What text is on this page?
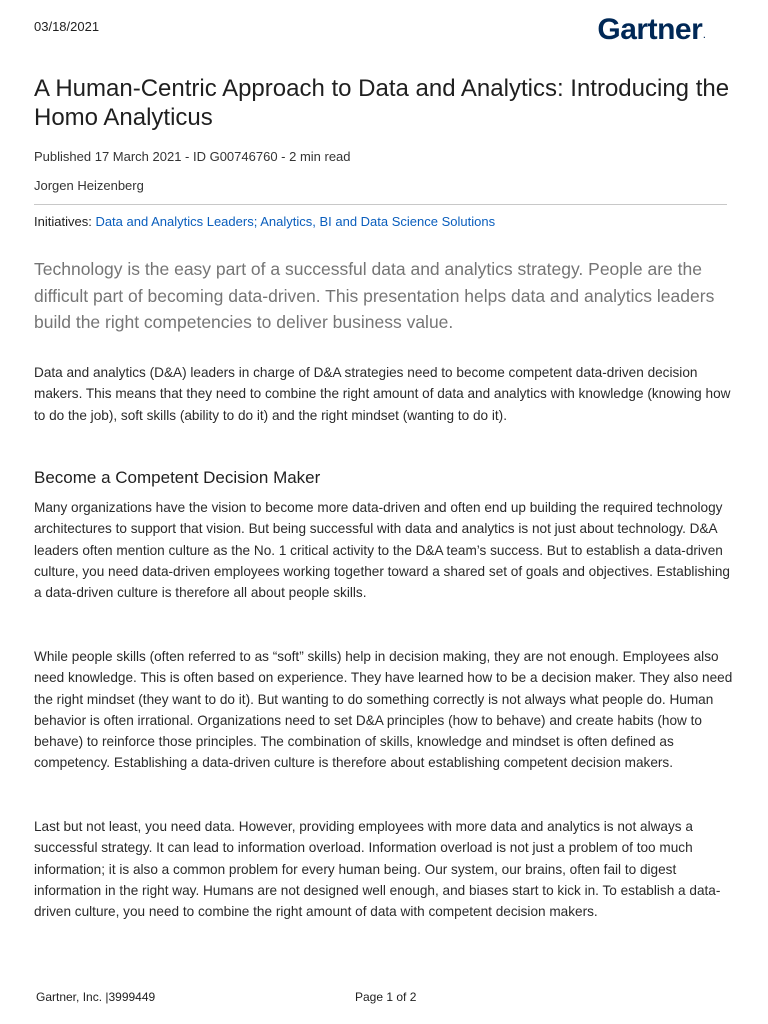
03/18/2021	Gartner.
A Human-Centric Approach to Data and Analytics: Introducing the Homo Analyticus
Published 17 March 2021 - ID G00746760 - 2 min read
Jorgen Heizenberg
Initiatives: Data and Analytics Leaders; Analytics, BI and Data Science Solutions

Technology is the easy part of a successful data and analytics strategy. People are the difficult part of becoming data-driven. This presentation helps data and analytics leaders build the right competencies to deliver business value.

Data and analytics (D&A) leaders in charge of D&A strategies need to become competent data-driven decision makers. This means that they need to combine the right amount of data and analytics with knowledge (knowing how to do the job), soft skills (ability to do it) and the right mindset (wanting to do it).

Become a Competent Decision Maker

Many organizations have the vision to become more data-driven and often end up building the required technology architectures to support that vision. But being successful with data and analytics is not just about technology. D&A leaders often mention culture as the No. 1 critical activity to the D&A team’s success. But to establish a data-driven culture, you need data-driven employees working together toward a shared set of goals and objectives. Establishing a data-driven culture is therefore all about people skills.

While people skills (often referred to as “soft” skills) help in decision making, they are not enough. Employees also need knowledge. This is often based on experience. They have learned how to be a decision maker. They also need the right mindset (they want to do it). But wanting to do something correctly is not always what people do. Human behavior is often irrational. Organizations need to set D&A principles (how to behave) and create habits (how to behave) to reinforce those principles. The combination of skills, knowledge and mindset is often defined as competency. Establishing a data-driven culture is therefore about establishing competent decision makers.

Last but not least, you need data. However, providing employees with more data and analytics is not always a successful strategy. It can lead to information overload. Information overload is not just a problem of too much information; it is also a common problem for every human being. Our system, our brains, often fail to digest information in the right way. Humans are not designed well enough, and biases start to kick in. To establish a data-driven culture, you need to combine the right amount of data with competent decision makers.

Gartner, Inc. |3999449	Page 1 of 2
